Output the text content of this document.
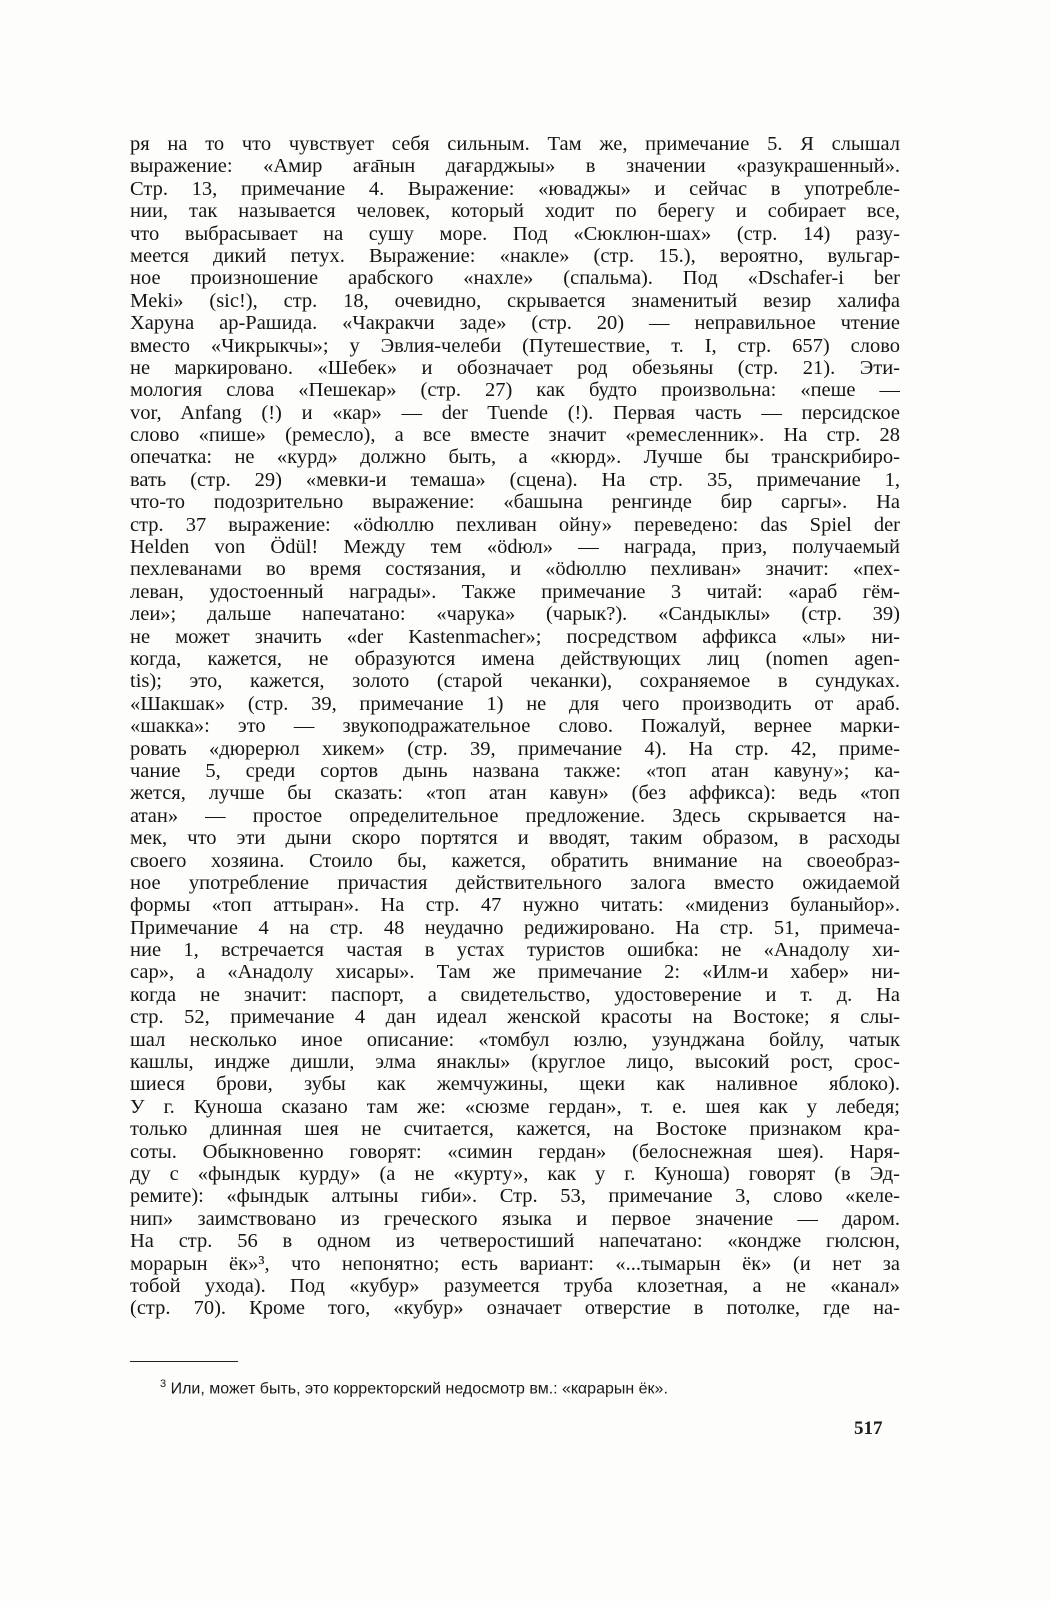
ря на то что чувствует себя сильным. Там же, примечание 5. Я слышал
выражение: «Амир аға̄нын дағарджыы» в значении «разукрашенный».
Стр. 13, примечание 4. Выражение: «юваджы» и сейчас в употребле-
нии, так называется человек, который ходит по берегу и собирает все,
что выбрасывает на сушу море. Под «Сюклюн-шах» (стр. 14) разу-
меется дикий петух. Выражение: «накле» (стр. 15.), вероятно, вульгар-
ное произношение арабского «нахле» (спальма). Под «Dschafer-i ber
Meki» (sic!), стр. 18, очевидно, скрывается знаменитый везир халифа
Харуна ар-Рашида. «Чакракчи заде» (стр. 20) — неправильное чтение
вместо «Чикрыкчы»; у Эвлия-челеби (Путешествие, т. I, стр. 657) слово
не маркировано. «Шебек» и обозначает род обезьяны (стр. 21). Эти-
мология слова «Пешекар» (стр. 27) как будто произвольна: «пеше —
vor, Anfang (!) и «кар» — der Tuende (!). Первая часть — персидское
слово «пише» (ремесло), а все вместе значит «ремесленник». На стр. 28
опечатка: не «курд» должно быть, а «кюрд». Лучше бы транскрибиро-
вать (стр. 29) «мевки-и темаша» (сцена). На стр. 35, примечание 1,
что-то подозрительно выражение: «башына ренгинде бир саргы». На
стр. 37 выражение: «ödюллю пехливан ойну» переведено: das Spiel der
Helden von Ödül! Между тем «ödюл» — награда, приз, получаемый
пехлеванами во время состязания, и «ödюллю пехливан» значит: «пех-
леван, удостоенный награды». Также примечание 3 читай: «араб гём-
леи»; дальше напечатано: «чарука» (чарык?). «Сандыклы» (стр. 39)
не может значить «der Kastenmacher»; посредством аффикса «лы» ни-
когда, кажется, не образуются имена действующих лиц (nomen agen-
tis); это, кажется, золото (старой чеканки), сохраняемое в сундуках.
«Шакшак» (стр. 39, примечание 1) не для чего производить от араб.
«шакка»: это — звукоподражательное слово. Пожалуй, вернее марки-
ровать «дюрерюл хикем» (стр. 39, примечание 4). На стр. 42, приме-
чание 5, среди сортов дынь названа также: «топ атан кавуну»; ка-
жется, лучше бы сказать: «топ атан кавун» (без аффикса): ведь «топ
атан» — простое определительное предложение. Здесь скрывается на-
мек, что эти дыни скоро портятся и вводят, таким образом, в расходы
своего хозяина. Стоило бы, кажется, обратить внимание на своеобраз-
ное употребление причастия действительного залога вместо ожидаемой
формы «топ аттыран». На стр. 47 нужно читать: «мидениз буланыйор».
Примечание 4 на стр. 48 неудачно редижировано. На стр. 51, примеча-
ние 1, встречается частая в устах туристов ошибка: не «Анадолу хи-
сар», а «Анадолу хисары». Там же примечание 2: «Илм-и хабер» ни-
когда не значит: паспорт, а свидетельство, удостоверение и т. д. На
стр. 52, примечание 4 дан идеал женской красоты на Востоке; я слы-
шал несколько иное описание: «томбул юзлю, узунджана бойлу, чатык
кашлы, индже дишли, элма янаклы» (круглое лицо, высокий рост, срос-
шиеся брови, зубы как жемчужины, щеки как наливное яблоко).
У г. Куноша сказано там же: «сюзме гердан», т. е. шея как у лебедя;
только длинная шея не считается, кажется, на Востоке признаком кра-
соты. Обыкновенно говорят: «симин гердан» (белоснежная шея). Наря-
ду с «фындык курду» (а не «курту», как у г. Куноша) говорят (в Эд-
ремите): «фындык алтыны гиби». Стр. 53, примечание 3, слово «келе-
нип» заимствовано из греческого языка и первое значение — даром.
На стр. 56 в одном из четверостиший напечатано: «кондже гюлсюн,
морарын ёк»³, что непонятно; есть вариант: «...тымарын ёк» (и нет за
тобой ухода). Под «кубур» разумеется труба клозетная, а не «канал»
(стр. 70). Кроме того, «кубур» означает отверстие в потолке, где на-
$^3$ Или, может быть, это корректорский недосмотр вм.: «кαрарын ёк».
517
